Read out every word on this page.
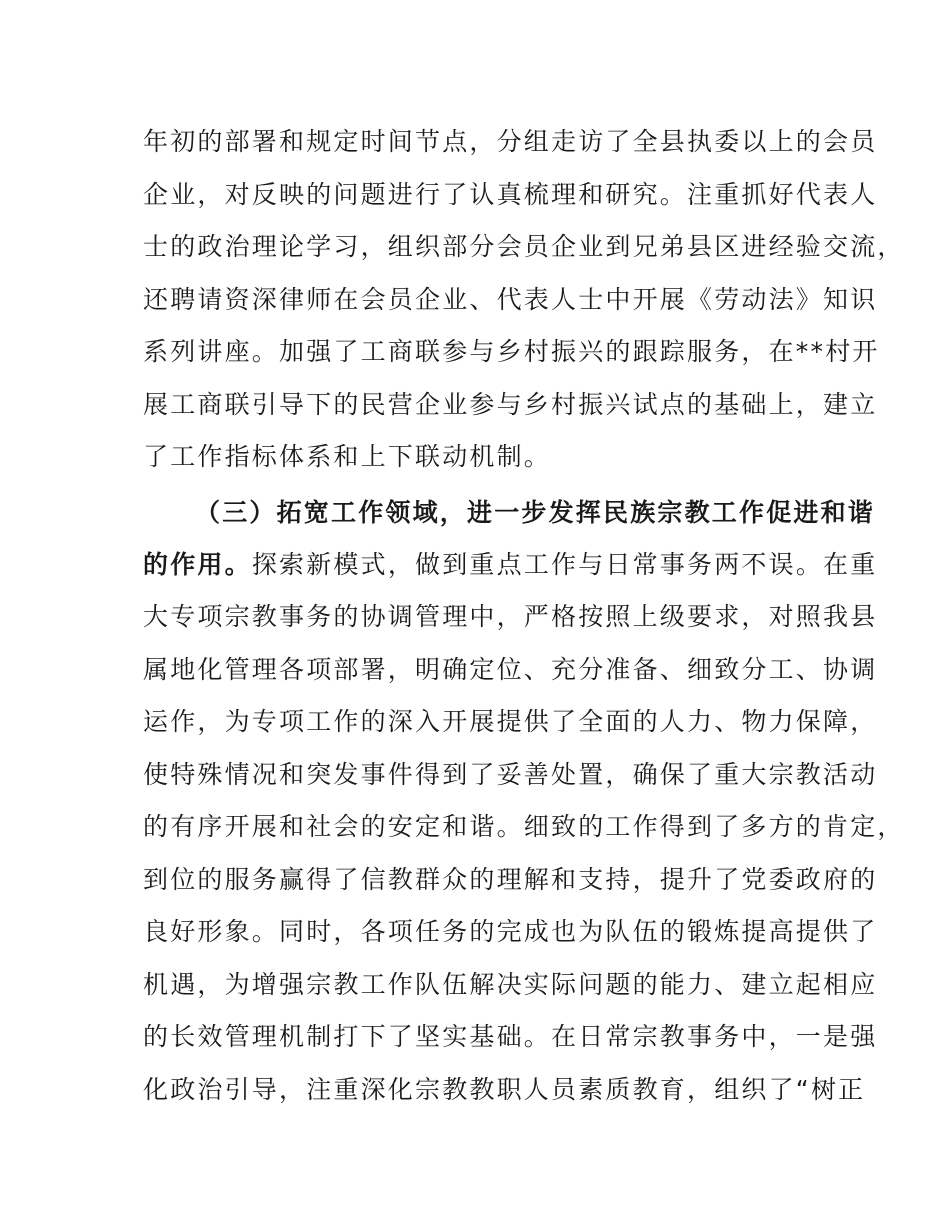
年初的部署和规定时间节点，分组走访了全县执委以上的会员
企业，对反映的问题进行了认真梳理和研究。注重抓好代表人
士的政治理论学习，组织部分会员企业到兄弟县区进经验交流，
还聘请资深律师在会员企业、代表人士中开展《劳动法》知识
系列讲座。加强了工商联参与乡村振兴的跟踪服务，在**村开
展工商联引导下的民营企业参与乡村振兴试点的基础上，建立
了工作指标体系和上下联动机制。
（三）拓宽工作领域，进一步发挥民族宗教工作促进和谐
的作用。探索新模式，做到重点工作与日常事务两不误。在重
大专项宗教事务的协调管理中，严格按照上级要求，对照我县
属地化管理各项部署，明确定位、充分准备、细致分工、协调
运作，为专项工作的深入开展提供了全面的人力、物力保障，
使特殊情况和突发事件得到了妥善处置，确保了重大宗教活动
的有序开展和社会的安定和谐。细致的工作得到了多方的肯定，
到位的服务赢得了信教群众的理解和支持，提升了党委政府的
良好形象。同时，各项任务的完成也为队伍的锻炼提高提供了
机遇，为增强宗教工作队伍解决实际问题的能力、建立起相应
的长效管理机制打下了坚实基础。在日常宗教事务中，一是强
化政治引导，注重深化宗教教职人员素质教育，组织了“树正
